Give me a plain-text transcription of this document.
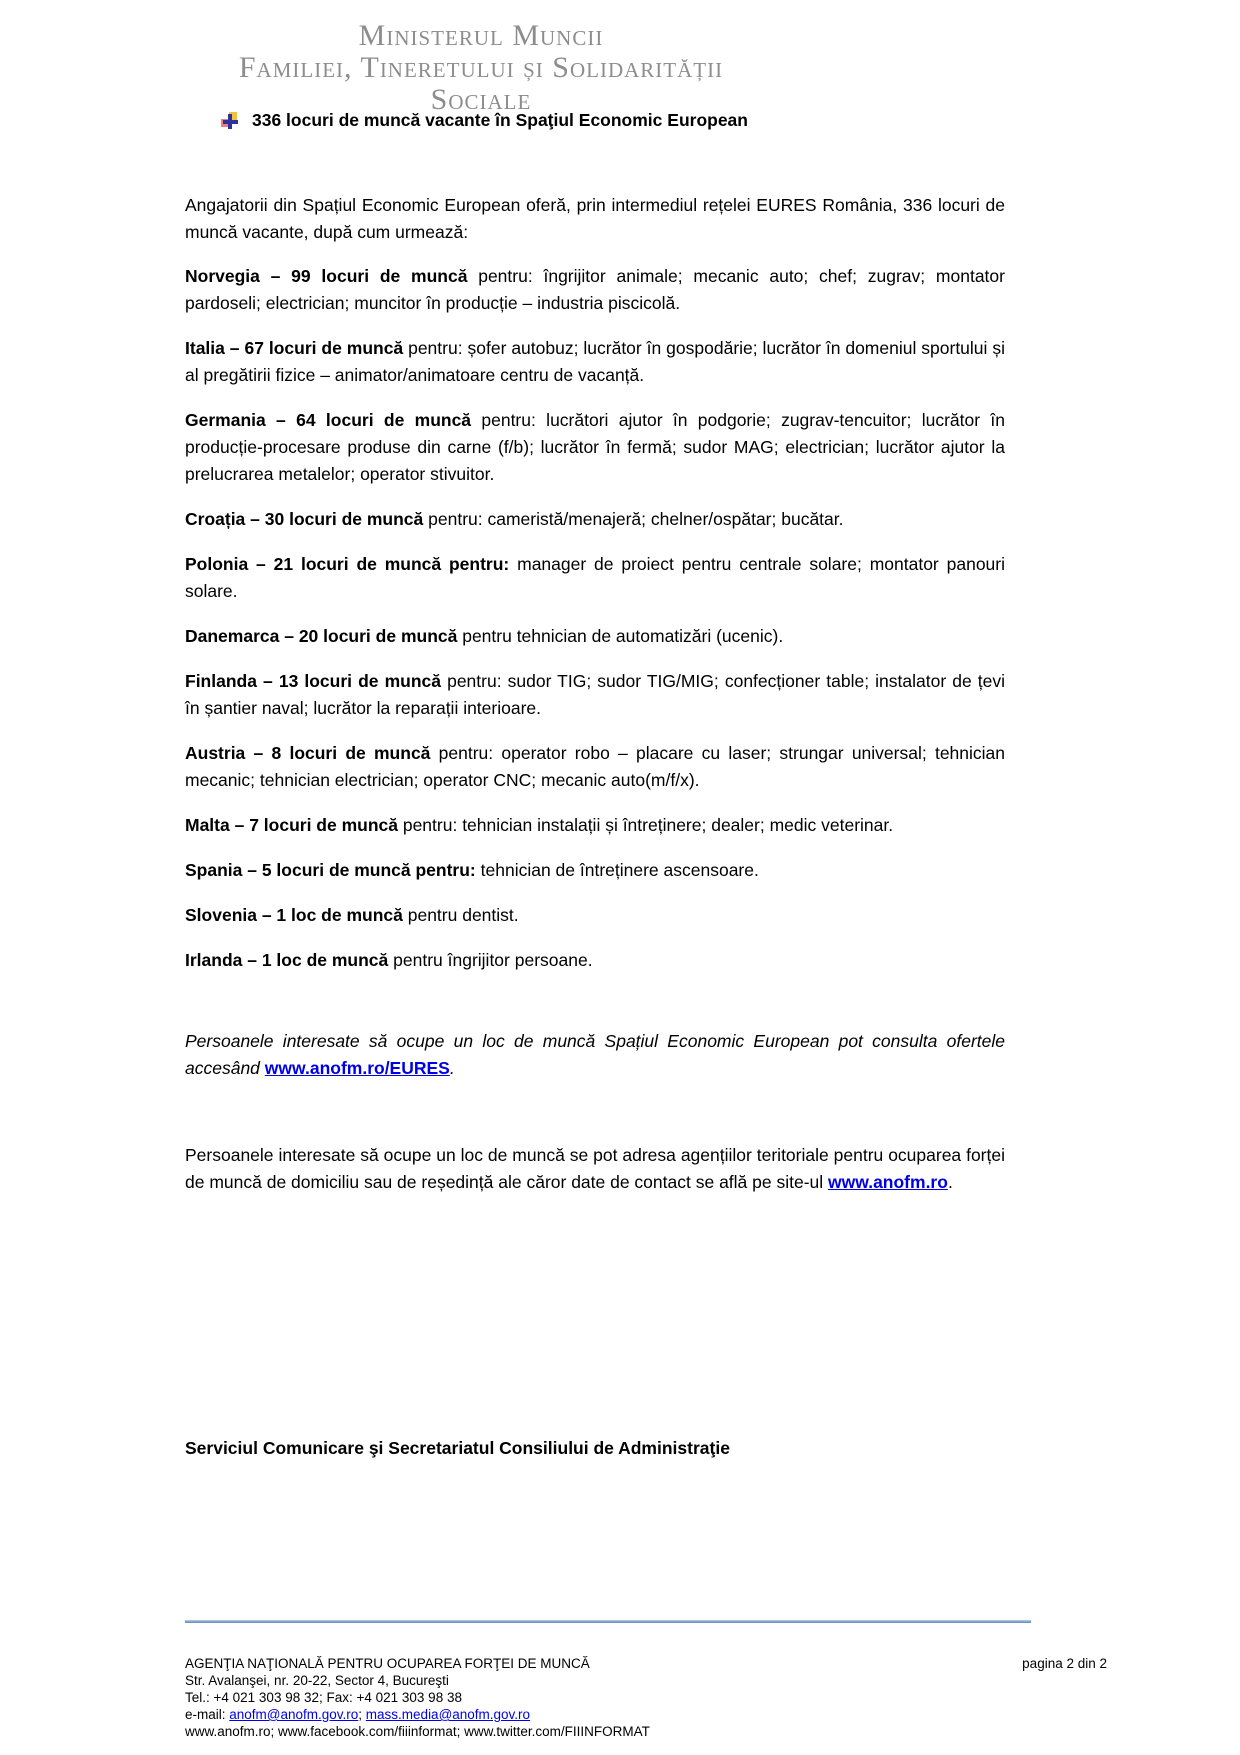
Ministerul Muncii
Familiei, Tineretului și Solidarității Sociale
336 locuri de muncă vacante în Spaţiul Economic European

Angajatorii din Spațiul Economic European oferă, prin intermediul rețelei EURES România, 336 locuri de muncă vacante, după cum urmează:

Norvegia – 99 locuri de muncă pentru: îngrijitor animale; mecanic auto; chef; zugrav; montator pardoseli; electrician; muncitor în producție – industria piscicolă.

Italia – 67 locuri de muncă pentru: șofer autobuz; lucrător în gospodărie; lucrător în domeniul sportului și al pregătirii fizice – animator/animatoare centru de vacanță.

Germania – 64 locuri de muncă pentru: lucrători ajutor în podgorie; zugrav-tencuitor; lucrător în producție-procesare produse din carne (f/b); lucrător în fermă; sudor MAG; electrician; lucrător ajutor la prelucrarea metalelor; operator stivuitor.

Croația – 30 locuri de muncă pentru: cameristă/menajeră; chelner/ospătar; bucătar.

Polonia – 21 locuri de muncă pentru: manager de proiect pentru centrale solare; montator panouri solare.

Danemarca – 20 locuri de muncă pentru tehnician de automatizări (ucenic).

Finlanda – 13 locuri de muncă pentru: sudor TIG; sudor TIG/MIG; confecționer table; instalator de țevi în șantier naval; lucrător la reparații interioare.

Austria – 8 locuri de muncă pentru: operator robo – placare cu laser; strungar universal; tehnician mecanic; tehnician electrician; operator CNC; mecanic auto(m/f/x).

Malta – 7 locuri de muncă pentru: tehnician instalații și întreținere; dealer; medic veterinar.

Spania – 5 locuri de muncă pentru: tehnician de întreținere ascensoare.

Slovenia – 1 loc de muncă pentru dentist.

Irlanda – 1 loc de muncă pentru îngrijitor persoane.

Persoanele interesate să ocupe un loc de muncă Spațiul Economic European pot consulta ofertele accesând www.anofm.ro/EURES.

Persoanele interesate să ocupe un loc de muncă se pot adresa agențiilor teritoriale pentru ocuparea forței de muncă de domiciliu sau de reședință ale căror date de contact se află pe site-ul www.anofm.ro.

Serviciul Comunicare şi Secretariatul Consiliului de Administraţie
AGENŢIA NAŢIONALĂ PENTRU OCUPAREA FORŢEI DE MUNCĂ	pagina 2 din 2
Str. Avalanşei, nr. 20-22, Sector 4, Bucureşti
Tel.: +4 021 303 98 32; Fax: +4 021 303 98 38
e-mail: anofm@anofm.gov.ro; mass.media@anofm.gov.ro
www.anofm.ro; www.facebook.com/fiiinformat; www.twitter.com/FIIINFORMAT
